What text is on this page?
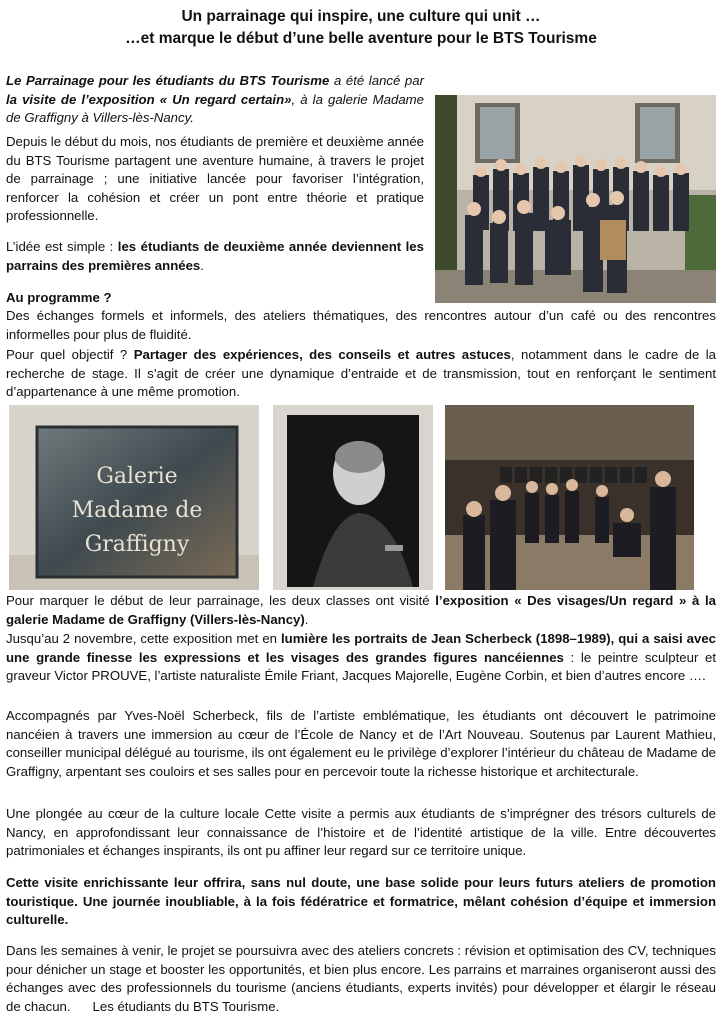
Un parrainage qui inspire, une culture qui unit …
…et marque le début d’une belle aventure pour le BTS Tourisme

Le Parrainage pour les étudiants du BTS Tourisme a été lancé par la visite de l’exposition « Un regard certain», à la galerie Madame de Graffigny à Villers-lès-Nancy.

Depuis le début du mois, nos étudiants de première et deuxième année du BTS Tourisme partagent une aventure humaine, à travers le projet de parrainage ; une initiative lancée pour favoriser l’intégration, renforcer la cohésion et créer un pont entre théorie et pratique professionnelle.

L’idée est simple : les étudiants de deuxième année deviennent les parrains des premières années.

Au programme ?

Des échanges formels et informels, des ateliers thématiques, des rencontres autour d’un café ou des rencontres informelles pour plus de fluidité.

Pour quel objectif ? Partager des expériences, des conseils et autres astuces, notamment dans le cadre de la recherche de stage. Il s’agit de créer une dynamique d’entraide et de transmission, tout en renforçant le sentiment d’appartenance à une même promotion.

Galerie
Madame de
Graffigny

Pour marquer le début de leur parrainage, les deux classes ont visité l’exposition « Des visages/Un regard » à la galerie Madame de Graffigny (Villers-lès-Nancy).

Jusqu’au 2 novembre, cette exposition met en lumière les portraits de Jean Scherbeck (1898–1989), qui a saisi avec une grande finesse les expressions et les visages des grandes figures nancéiennes : le peintre sculpteur et graveur Victor PROUVE, l’artiste naturaliste Émile Friant, Jacques Majorelle, Eugène Corbin, et bien d’autres encore ….

Accompagnés par Yves-Noël Scherbeck, fils de l’artiste emblématique, les étudiants ont découvert le patrimoine nancéien à travers une immersion au cœur de l’École de Nancy et de l’Art Nouveau. Soutenus par Laurent Mathieu, conseiller municipal délégué au tourisme, ils ont également eu le privilège d’explorer l’intérieur du château de Madame de Graffigny, arpentant ses couloirs et ses salles pour en percevoir toute la richesse historique et architecturale.

Une plongée au cœur de la culture locale Cette visite a permis aux étudiants de s’imprégner des trésors culturels de Nancy, en approfondissant leur connaissance de l’histoire et de l’identité artistique de la ville. Entre découvertes patrimoniales et échanges inspirants, ils ont pu affiner leur regard sur ce territoire unique.

Cette visite enrichissante leur offrira, sans nul doute, une base solide pour leurs futurs ateliers de promotion touristique. Une journée inoubliable, à la fois fédératrice et formatrice, mêlant cohésion d’équipe et immersion culturelle.

Dans les semaines à venir, le projet se poursuivra avec des ateliers concrets : révision et optimisation des CV, techniques pour dénicher un stage et booster les opportunités, et bien plus encore. Les parrains et marraines organiseront aussi des échanges avec des professionnels du tourisme (anciens étudiants, experts invités) pour développer et élargir le réseau de chacun. Les étudiants du BTS Tourisme.
